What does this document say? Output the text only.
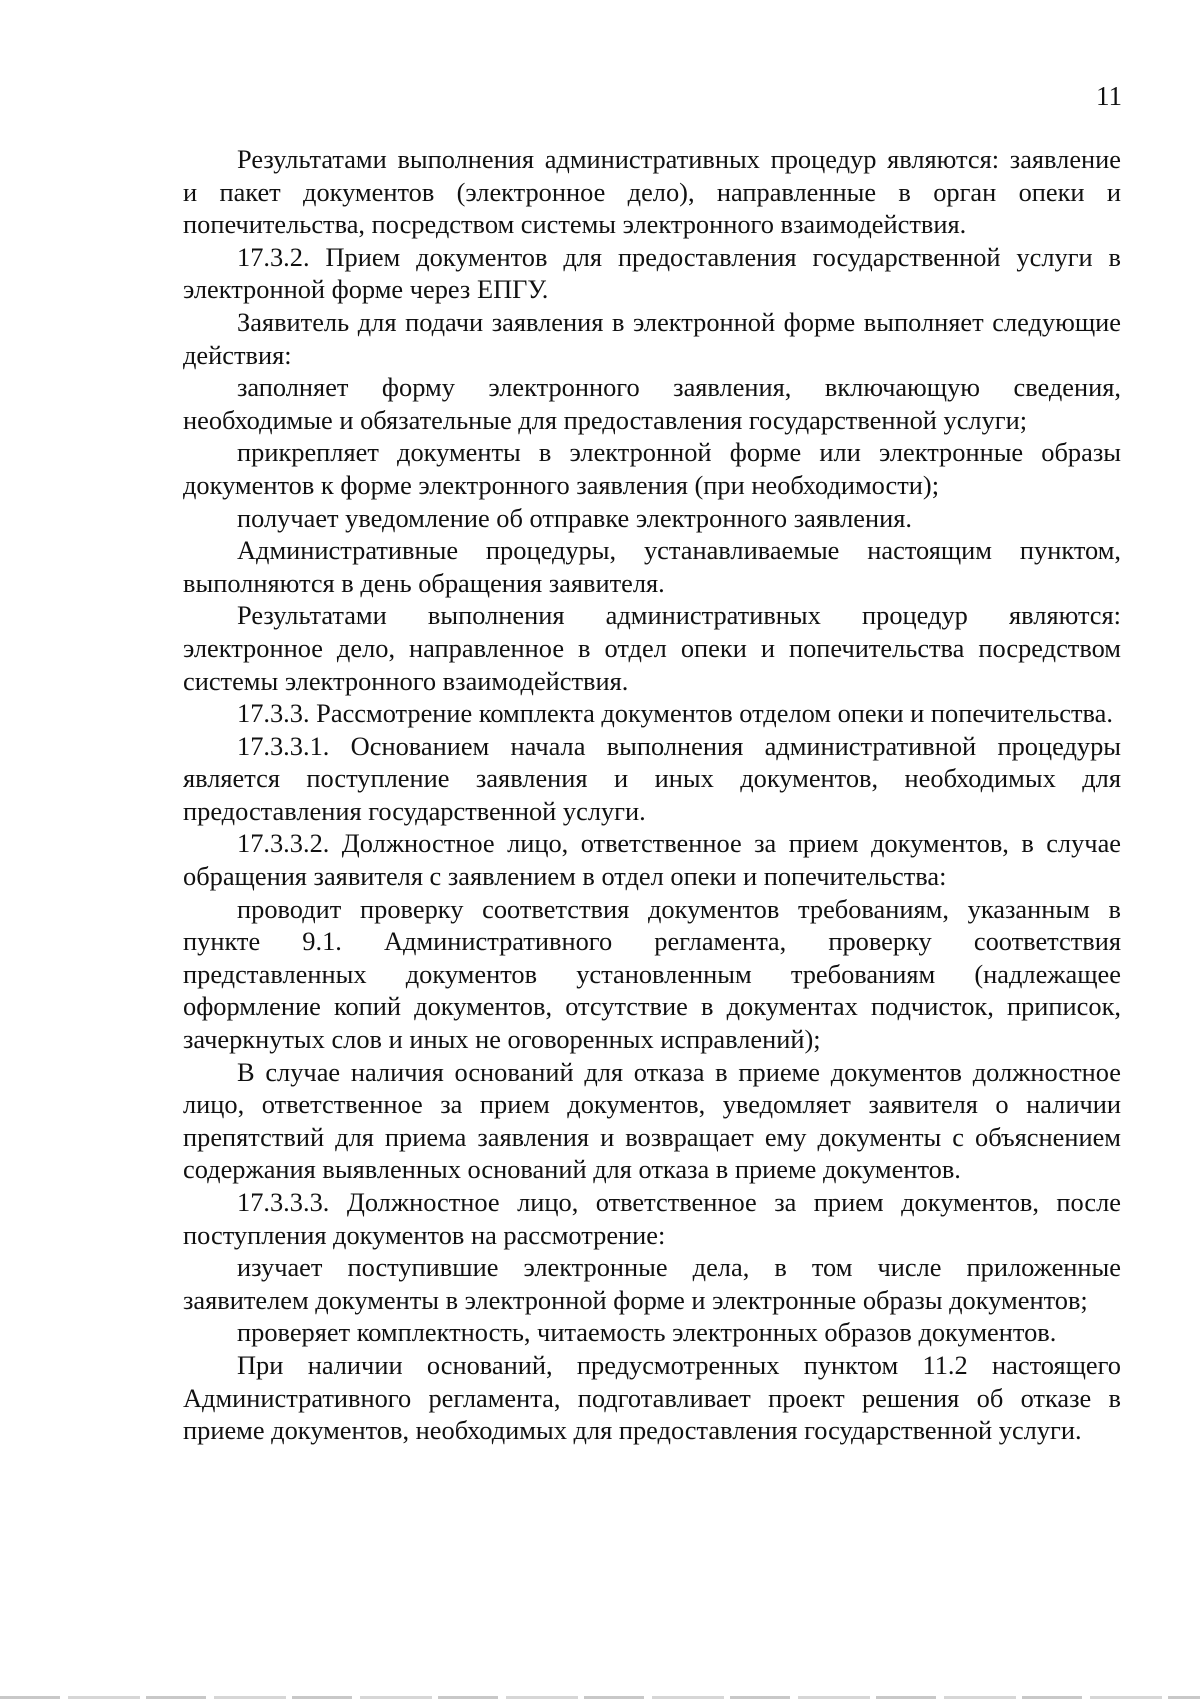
11

Результатами выполнения административных процедур являются: заявление и пакет документов (электронное дело), направленные в орган опеки и попечительства, посредством системы электронного взаимодействия.

17.3.2. Прием документов для предоставления государственной услуги в электронной форме через ЕПГУ.

Заявитель для подачи заявления в электронной форме выполняет следующие действия:

заполняет форму электронного заявления, включающую сведения, необходимые и обязательные для предоставления государственной услуги;

прикрепляет документы в электронной форме или электронные образы документов к форме электронного заявления (при необходимости);

получает уведомление об отправке электронного заявления.

Административные процедуры, устанавливаемые настоящим пунктом, выполняются в день обращения заявителя.

Результатами выполнения административных процедур являются: электронное дело, направленное в отдел опеки и попечительства посредством системы электронного взаимодействия.

17.3.3. Рассмотрение комплекта документов отделом опеки и попечительства.

17.3.3.1. Основанием начала выполнения административной процедуры является поступление заявления и иных документов, необходимых для предоставления государственной услуги.

17.3.3.2. Должностное лицо, ответственное за прием документов, в случае обращения заявителя с заявлением в отдел опеки и попечительства:

проводит проверку соответствия документов требованиям, указанным в пункте 9.1. Административного регламента, проверку соответствия представленных документов установленным требованиям (надлежащее оформление копий документов, отсутствие в документах подчисток, приписок, зачеркнутых слов и иных не оговоренных исправлений);

В случае наличия оснований для отказа в приеме документов должностное лицо, ответственное за прием документов, уведомляет заявителя о наличии препятствий для приема заявления и возвращает ему документы с объяснением содержания выявленных оснований для отказа в приеме документов.

17.3.3.3. Должностное лицо, ответственное за прием документов, после поступления документов на рассмотрение:

изучает поступившие электронные дела, в том числе приложенные заявителем документы в электронной форме и электронные образы документов;

проверяет комплектность, читаемость электронных образов документов.

При наличии оснований, предусмотренных пунктом 11.2 настоящего Административного регламента, подготавливает проект решения об отказе в приеме документов, необходимых для предоставления государственной услуги.
